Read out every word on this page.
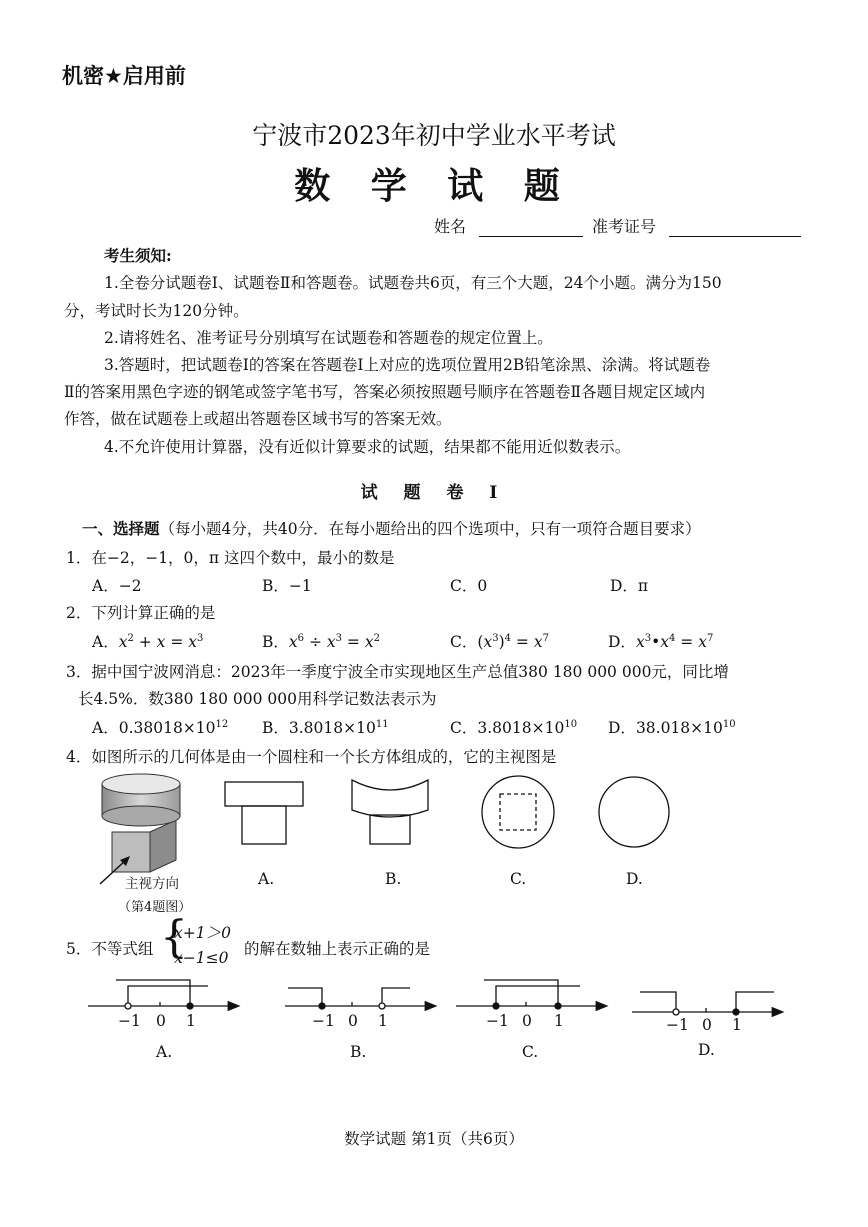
机密★启用前
宁波市2023年初中学业水平考试
数 学 试 题
姓名	准考证号
考生须知:
1.全卷分试题卷Ⅰ、试题卷Ⅱ和答题卷。试题卷共6页，有三个大题，24个小题。满分为150
分，考试时长为120分钟。
2.请将姓名、准考证号分别填写在试题卷和答题卷的规定位置上。
3.答题时，把试题卷Ⅰ的答案在答题卷Ⅰ上对应的选项位置用2B铅笔涂黑、涂满。将试题卷
Ⅱ的答案用黑色字迹的钢笔或签字笔书写，答案必须按照题号顺序在答题卷Ⅱ各题目规定区域内
作答，做在试题卷上或超出答题卷区域书写的答案无效。
4.不允许使用计算器，没有近似计算要求的试题，结果都不能用近似数表示。
试 题 卷 Ⅰ
一、选择题（每小题4分，共40分．在每小题给出的四个选项中，只有一项符合题目要求）
1．在−2，−1，0，π 这四个数中，最小的数是
A．−2	B．−1	C．0	D．π
2．下列计算正确的是
A．$x^2 + x = x^3$	B．$x^6 \div x^3 = x^2$	C．$(x^3)^4 = x^7$	D．$x^3•x^4 = x^7$
3．据中国宁波网消息：2023年一季度宁波全市实现地区生产总值380 180 000 000元，同比增
长4.5%．数380 180 000 000用科学记数法表示为
A．$0.38018\times 10^{12}$ B．$3.8018\times 10^{11}$	C．$3.8018\times 10^{10}$ D．$38.018\times 10^{10}$
4．如图所示的几何体是由一个圆柱和一个长方体组成的，它的主视图是
主视方向	A.	B.	C.	D.
（第4题图）
5．不等式组 {
x+1＞0
x−1≤0 的解在数轴上表示正确的是
−1 0 1	−1 0 1	−1 0 1	−1 0 1
A.	B.	C.	D.
数学试题 第1页（共6页）
